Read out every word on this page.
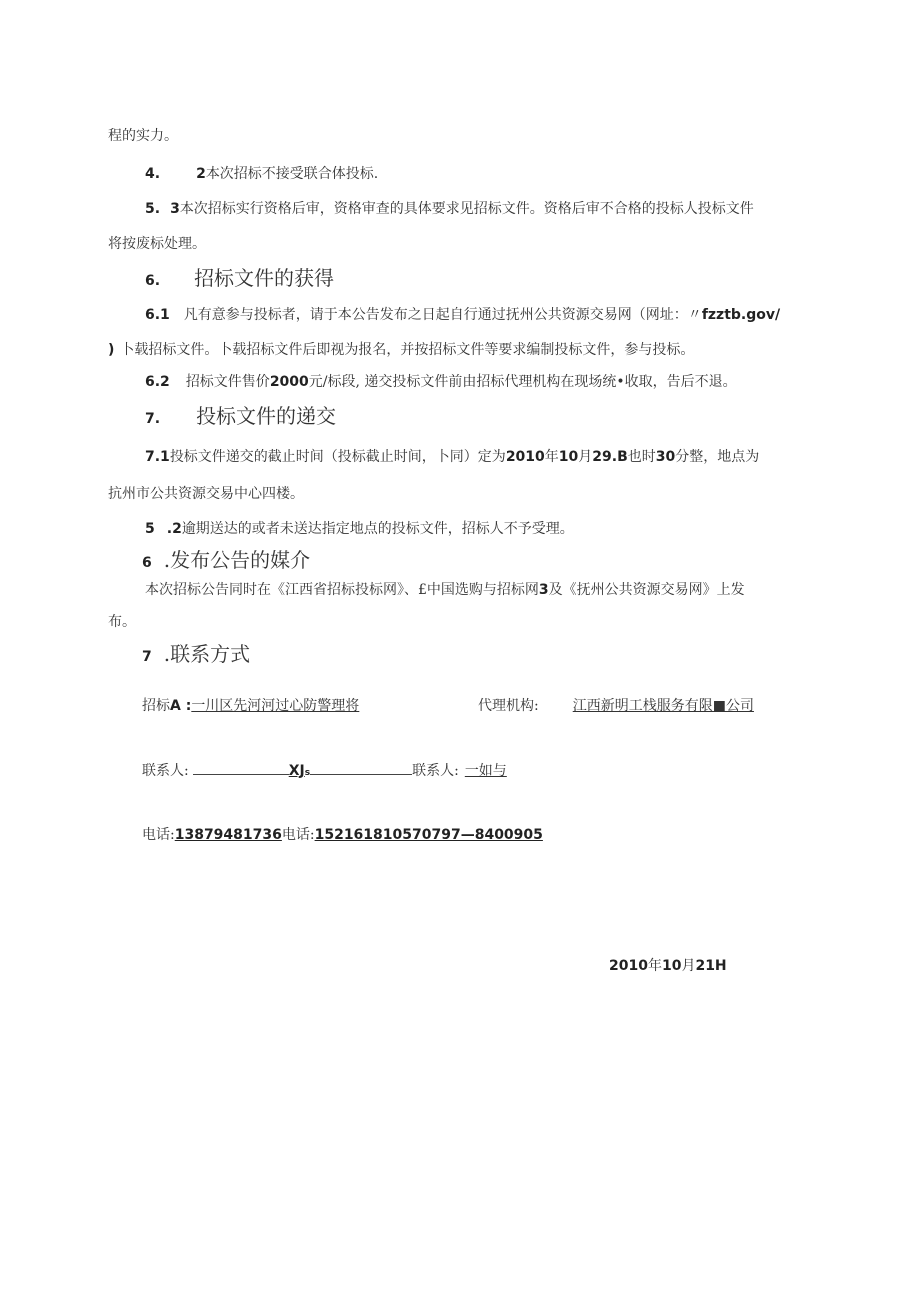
程的实力。
4.	2本次招标不接受联合体投标.
5. 3本次招标实行资格后审，资格审查的具体要求见招标文件。资格后审不合格的投标人投标文件
将按废标处理。
6. 招标文件的获得
6.1 凡有意参与投标者，请于本公告发布之日起自行通过抚州公共资源交易网（网址：〃fzztb.gov/
) 卜载招标文件。卜载招标文件后即视为报名，并按招标文件等要求编制投标文件，参与投标。
6.2 招标文件售价2000元/标段, 递交投标文件前由招标代理机构在现场统•收取，告后不退。
7. 投标文件的递交
7.1投标文件递交的截止时间（投标截止时间，卜同）定为2010年10月29.B也时30分整，地点为
抗州市公共资源交易中心四楼。
5 .2逾期送达的或者未送达指定地点的投标文件，招标人不予受理。
6 .发布公告的媒介
本次招标公告同时在《江西省招标投标网》、£中国选购与招标网3及《抚州公共资源交易网》上发
布。
7 .联系方式
招标A :一川区先河河过心防警理将	代理机构: 江西新明工栈服务有限■公司
联系人:	XJs	联系人: 一如与
电话:13879481736电话:152161810570797—8400905
2010年10月21H
